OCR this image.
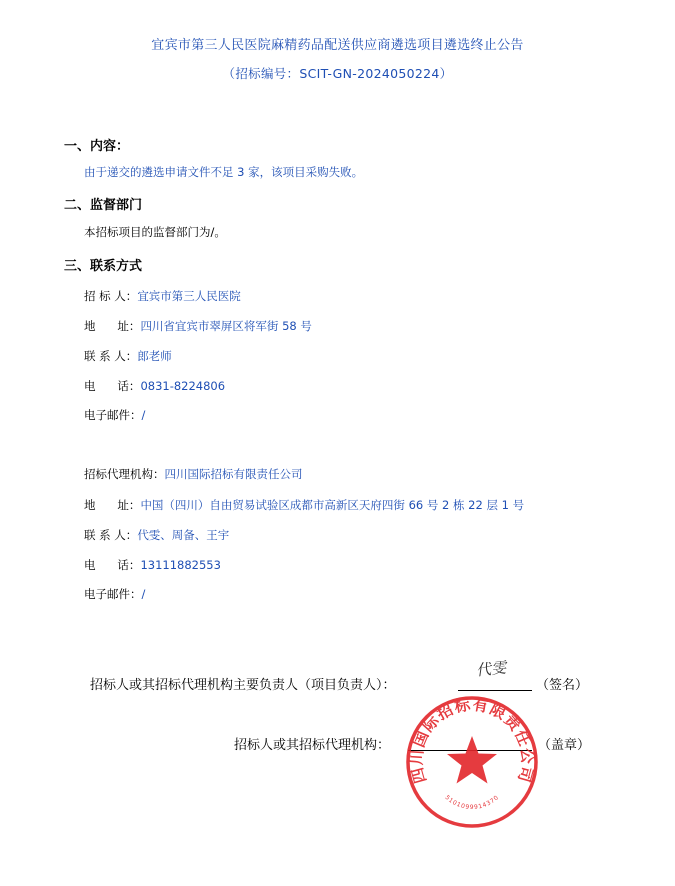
宜宾市第三人民医院麻精药品配送供应商遴选项目遴选终止公告
（招标编号：SCIT-GN-2024050224）
一、内容：
由于递交的遴选申请文件不足 3 家，该项目采购失败。
二、监督部门
本招标项目的监督部门为/。
三、联系方式
招 标 人：宜宾市第三人民医院
地      址：四川省宜宾市翠屏区将军街 58 号
联 系 人：郎老师
电      话：0831-8224806
电子邮件：/
招标代理机构：四川国际招标有限责任公司
地      址：中国（四川）自由贸易试验区成都市高新区天府四街 66 号 2 栋 22 层 1 号
联 系 人：代雯、周备、王宇
电      话：13111882553
电子邮件：/
招标人或其招标代理机构主要负责人（项目负责人）：
代雯
（签名）
招标人或其招标代理机构：	（盖章）
四川国际招标有限责任公司
5101099914370
